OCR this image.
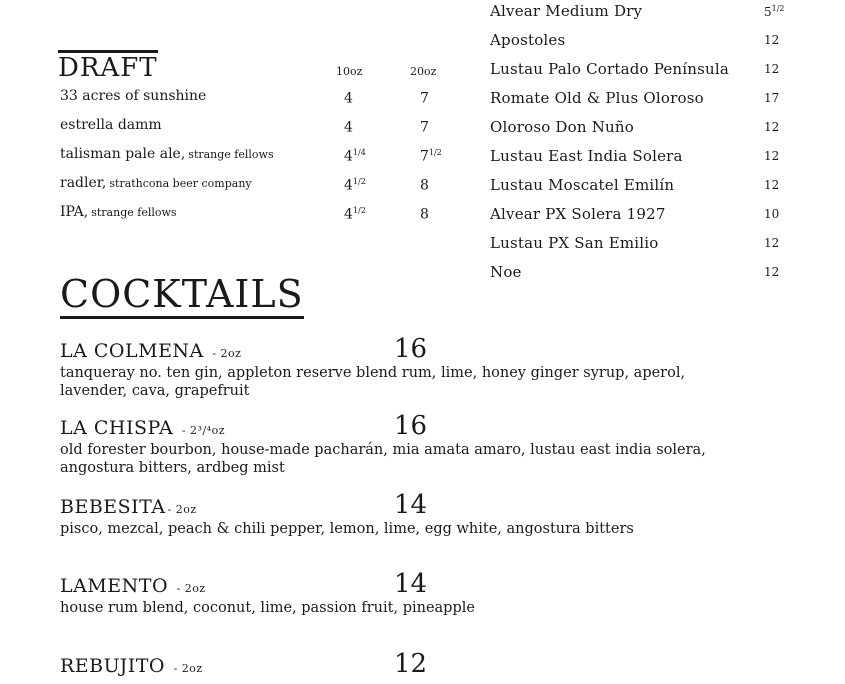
Alvear Medium Dry	$5^{1/2}$
Apostoles	12
Lustau Palo Cortado Península	12
Romate Old & Plus Oloroso	17
Oloroso Don Nuño	12
Lustau East India Solera	12
Lustau Moscatel Emilín	12
Alvear PX Solera 1927	10
Lustau PX San Emilio	12
Noe	12
DRAFT	10oz	20oz
33 acres of sunshine	4	7
estrella damm	4	7
talisman pale ale, strange fellows	$4^{1/4}$	$7^{1/2}$
radler, strathcona beer company	$4^{1/2}$	8
IPA, strange fellows	$4^{1/2}$	8
COCKTAILS
LA COLMENA - 2oz	16
tanqueray no. ten gin, appleton reserve blend rum, lime, honey ginger syrup, aperol, lavender, cava, grapefruit
LA CHISPA - 2³/⁴oz	16
old forester bourbon, house-made pacharán, mia amata amaro, lustau east india solera, angostura bitters, ardbeg mist
BEBESITA - 2oz	14
pisco, mezcal, peach & chili pepper, lemon, lime, egg white, angostura bitters
LAMENTO - 2oz	14
house rum blend, coconut, lime, passion fruit, pineapple
REBUJITO - 2oz	12
